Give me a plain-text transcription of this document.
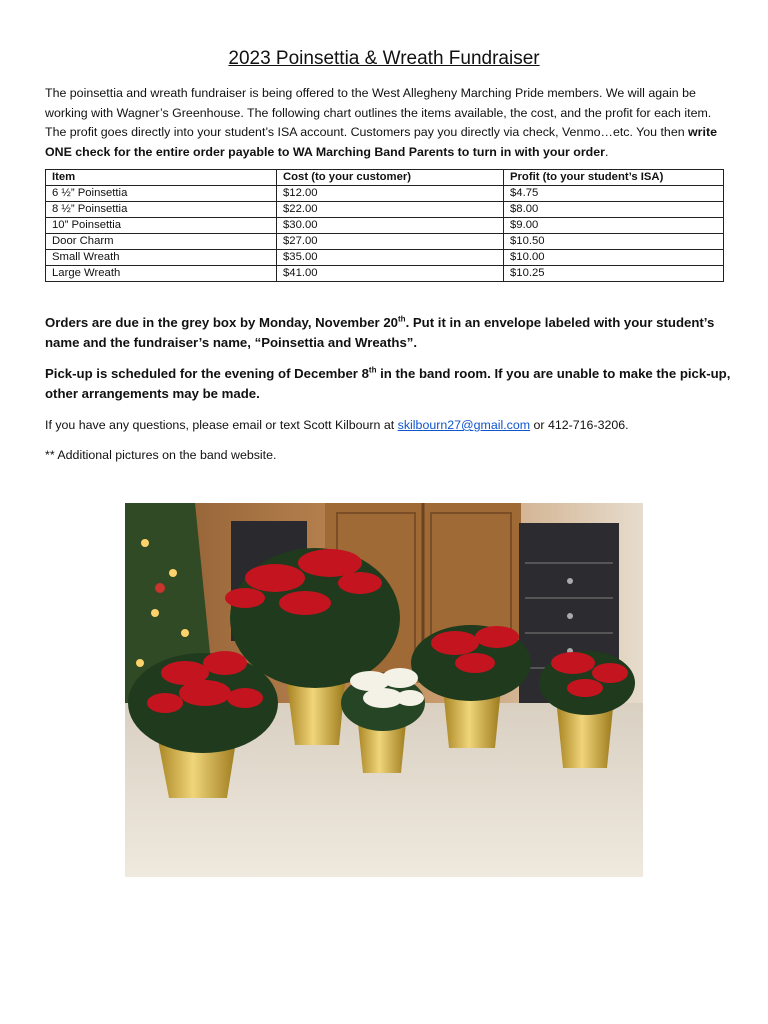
2023 Poinsettia & Wreath Fundraiser

The poinsettia and wreath fundraiser is being offered to the West Allegheny Marching Pride members. We will again be working with Wagner’s Greenhouse. The following chart outlines the items available, the cost, and the profit for each item. The profit goes directly into your student’s ISA account. Customers pay you directly via check, Venmo…etc. You then write ONE check for the entire order payable to WA Marching Band Parents to turn in with your order.

Item	Cost (to your customer)	Profit (to your student’s ISA)
6 ½” Poinsettia	$12.00	$4.75
8 ½” Poinsettia	$22.00	$8.00
10” Poinsettia	$30.00	$9.00
Door Charm	$27.00	$10.50
Small Wreath	$35.00	$10.00
Large Wreath	$41.00	$10.25

Orders are due in the grey box by Monday, November 20th. Put it in an envelope labeled with your student’s name and the fundraiser’s name, “Poinsettia and Wreaths”.

Pick-up is scheduled for the evening of December 8th in the band room. If you are unable to make the pick-up, other arrangements may be made.

If you have any questions, please email or text Scott Kilbourn at skilbourn27@gmail.com or 412-716-3206.

** Additional pictures on the band website.
